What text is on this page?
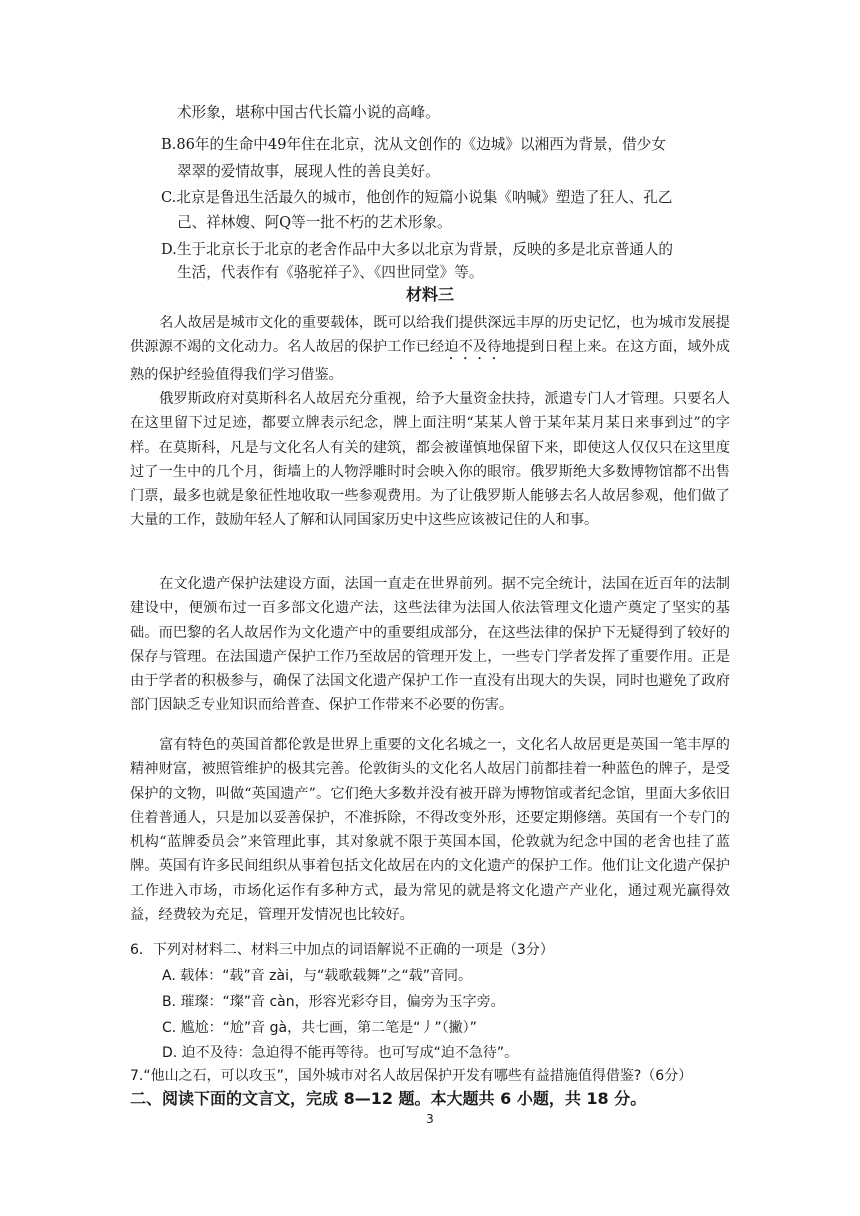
术形象，堪称中国古代长篇小说的高峰。
B.86年的生命中49年住在北京，沈从文创作的《边城》以湘西为背景，借少女
翠翠的爱情故事，展现人性的善良美好。
C.北京是鲁迅生活最久的城市，他创作的短篇小说集《呐喊》塑造了狂人、孔乙
己、祥林嫂、阿Q等一批不朽的艺术形象。
D.生于北京长于北京的老舍作品中大多以北京为背景，反映的多是北京普通人的
生活，代表作有《骆驼祥子》、《四世同堂》等。
材料三
名人故居是城市文化的重要载体，既可以给我们提供深远丰厚的历史记忆，也为城市发展提供源源不竭的文化动力。名人故居的保护工作已经迫不及待地提到日程上来。在这方面，域外成熟的保护经验值得我们学习借鉴。
俄罗斯政府对莫斯科名人故居充分重视，给予大量资金扶持，派遣专门人才管理。只要名人在这里留下过足迹，都要立牌表示纪念，牌上面注明“某某人曾于某年某月某日来事到过”的字样。在莫斯科，凡是与文化名人有关的建筑，都会被谨慎地保留下来，即使这人仅仅只在这里度过了一生中的几个月，街墙上的人物浮雕时时会映入你的眼帘。俄罗斯绝大多数博物馆都不出售门票，最多也就是象征性地收取一些参观费用。为了让俄罗斯人能够去名人故居参观，他们做了大量的工作，鼓励年轻人了解和认同国家历史中这些应该被记住的人和事。
在文化遗产保护法建设方面，法国一直走在世界前列。据不完全统计，法国在近百年的法制建设中，便颁布过一百多部文化遗产法，这些法律为法国人依法管理文化遗产奠定了坚实的基础。而巴黎的名人故居作为文化遗产中的重要组成部分，在这些法律的保护下无疑得到了较好的保存与管理。在法国遗产保护工作乃至故居的管理开发上，一些专门学者发挥了重要作用。正是由于学者的积极参与，确保了法国文化遗产保护工作一直没有出现大的失误，同时也避免了政府部门因缺乏专业知识而给普查、保护工作带来不必要的伤害。
富有特色的英国首都伦敦是世界上重要的文化名城之一，文化名人故居更是英国一笔丰厚的精神财富，被照管维护的极其完善。伦敦街头的文化名人故居门前都挂着一种蓝色的牌子，是受保护的文物，叫做“英国遗产”。它们绝大多数并没有被开辟为博物馆或者纪念馆，里面大多依旧住着普通人，只是加以妥善保护，不准拆除，不得改变外形，还要定期修缮。英国有一个专门的机构“蓝牌委员会”来管理此事，其对象就不限于英国本国，伦敦就为纪念中国的老舍也挂了蓝牌。英国有许多民间组织从事着包括文化故居在内的文化遗产的保护工作。他们让文化遗产保护工作进入市场，市场化运作有多种方式，最为常见的就是将文化遗产产业化，通过观光赢得效益，经费较为充足，管理开发情况也比较好。
6．下列对材料二、材料三中加点的词语解说不正确的一项是（3分）
A. 载体：“载”音 zài，与“载歌载舞”之“载”音同。
B. 璀璨：“璨”音 càn，形容光彩夺目，偏旁为玉字旁。
C. 尴尬：“尬”音 gà，共七画，第二笔是“丿”（撇）”
D. 迫不及待：急迫得不能再等待。也可写成“迫不急待”。
7.“他山之石，可以攻玉”，国外城市对名人故居保护开发有哪些有益措施值得借鉴?（6分）
二、阅读下面的文言文，完成 8—12 题。本大题共 6 小题，共 18 分。
3
